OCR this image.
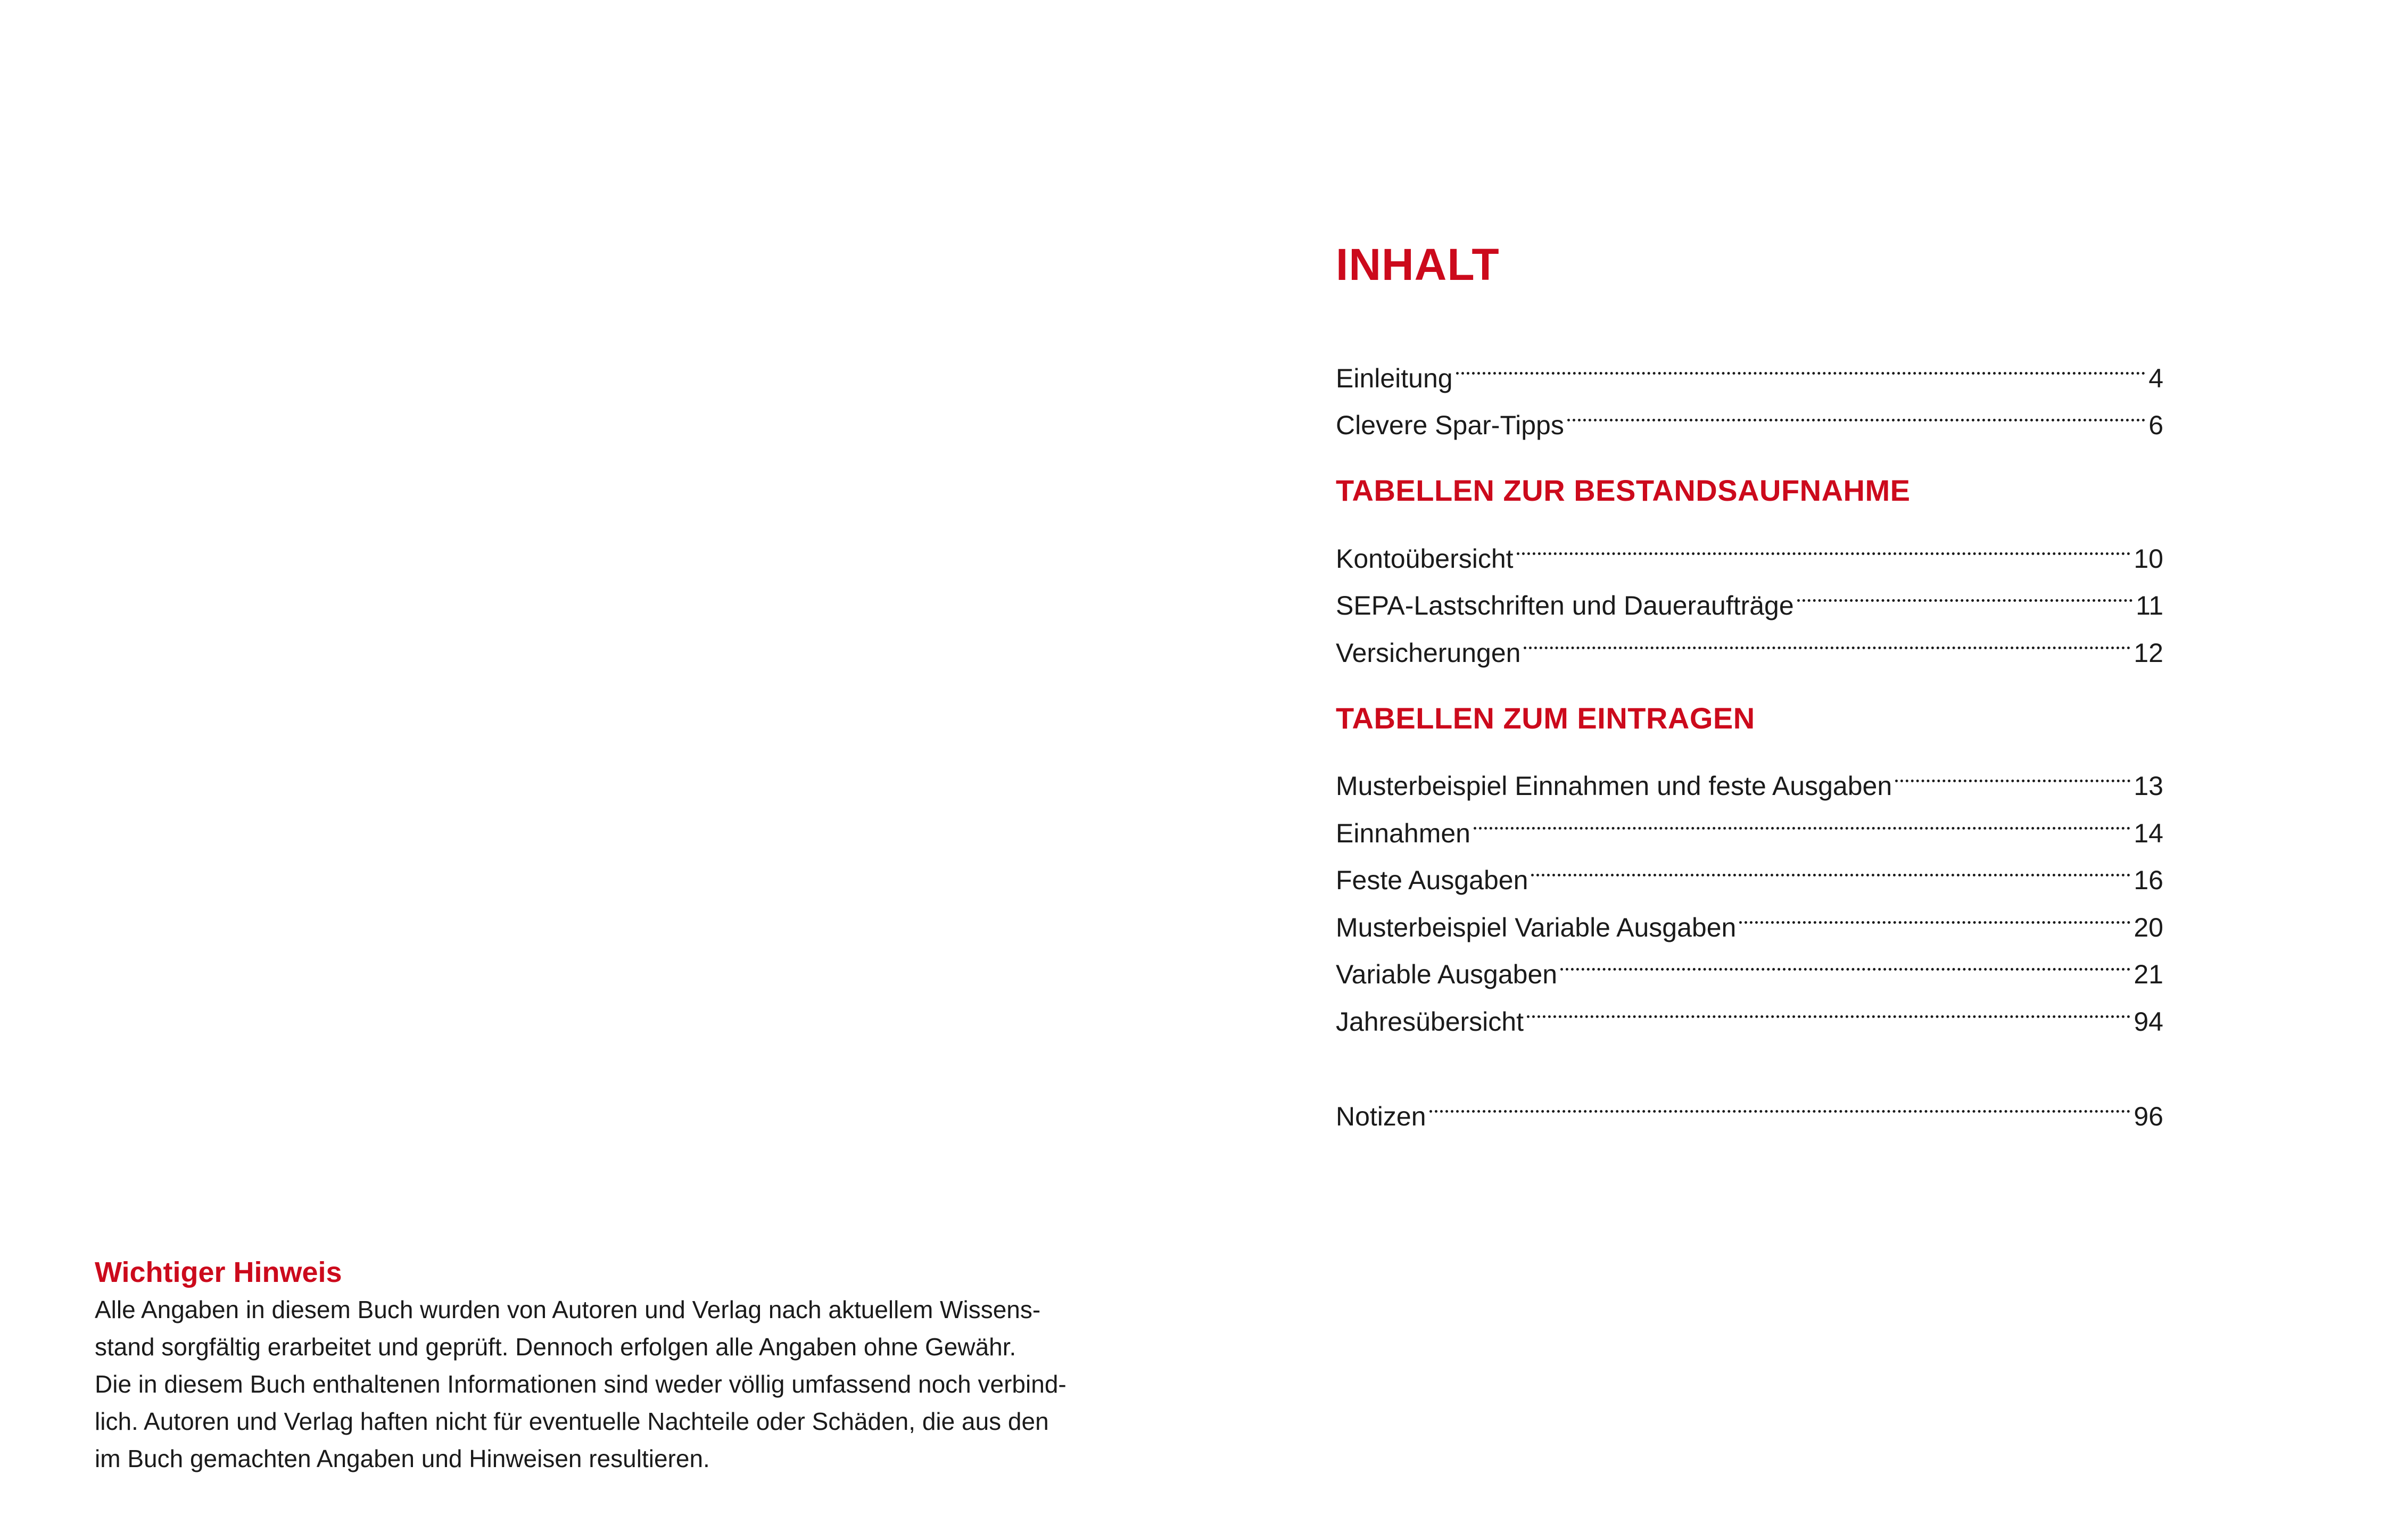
Wichtiger Hinweis

Alle Angaben in diesem Buch wurden von Autoren und Verlag nach aktuellem Wissens-

stand sorgfältig erarbeitet und geprüft. Dennoch erfolgen alle Angaben ohne Gewähr.

Die in diesem Buch enthaltenen Informationen sind weder völlig umfassend noch verbind-

lich. Autoren und Verlag haften nicht für eventuelle Nachteile oder Schäden, die aus den

im Buch gemachten Angaben und Hinweisen resultieren.

INHALT
Einleitung	4
Clevere Spar-Tipps	6
TABELLEN ZUR BESTANDSAUFNAHME
Kontoübersicht	10
SEPA-Lastschriften und Daueraufträge	11
Versicherungen	12
TABELLEN ZUM EINTRAGEN
Musterbeispiel Einnahmen und feste Ausgaben	13
Einnahmen	14
Feste Ausgaben	16
Musterbeispiel Variable Ausgaben	20
Variable Ausgaben	21
Jahresübersicht	94
Notizen	96
